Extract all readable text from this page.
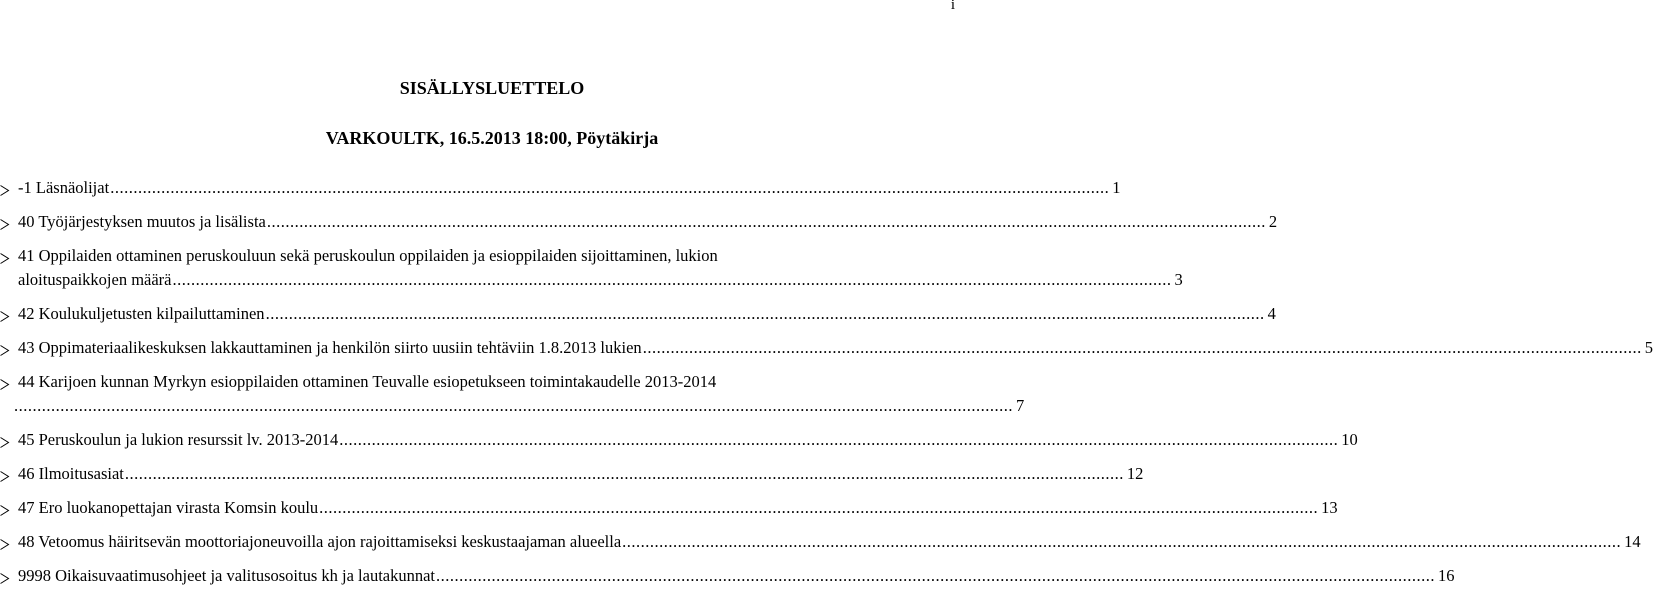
i
SISÄLLYSLUETTELO
VARKOULTK, 16.5.2013 18:00, Pöytäkirja
-1 Läsnäolijat ........................................................................................................................................................................................................................ 1
40 Työjärjestyksen muutos ja lisälista ........................................................................................................................................................................................................................ 2
41 Oppilaiden ottaminen peruskouluun sekä peruskoulun oppilaiden ja esioppilaiden sijoittaminen, lukion
aloituspaikkojen määrä ........................................................................................................................................................................................................................ 3
42 Koulukuljetusten kilpailuttaminen ........................................................................................................................................................................................................................ 4
43 Oppimateriaalikeskuksen lakkauttaminen ja henkilön siirto uusiin tehtäviin 1.8.2013 lukien ........................................................................................................................................................................................................................ 5
44 Karijoen kunnan Myrkyn esioppilaiden ottaminen Teuvalle esiopetukseen toimintakaudelle 2013-2014
........................................................................................................................................................................................................................ 7
45 Peruskoulun ja lukion resurssit lv. 2013-2014 ........................................................................................................................................................................................................................ 10
46 Ilmoitusasiat ........................................................................................................................................................................................................................ 12
47 Ero luokanopettajan virasta Komsin koulu ........................................................................................................................................................................................................................ 13
48 Vetoomus häiritsevän moottoriajoneuvoilla ajon rajoittamiseksi keskustaajaman alueella ........................................................................................................................................................................................................................ 14
9998 Oikaisuvaatimusohjeet ja valitusosoitus kh ja lautakunnat ........................................................................................................................................................................................................................ 16
